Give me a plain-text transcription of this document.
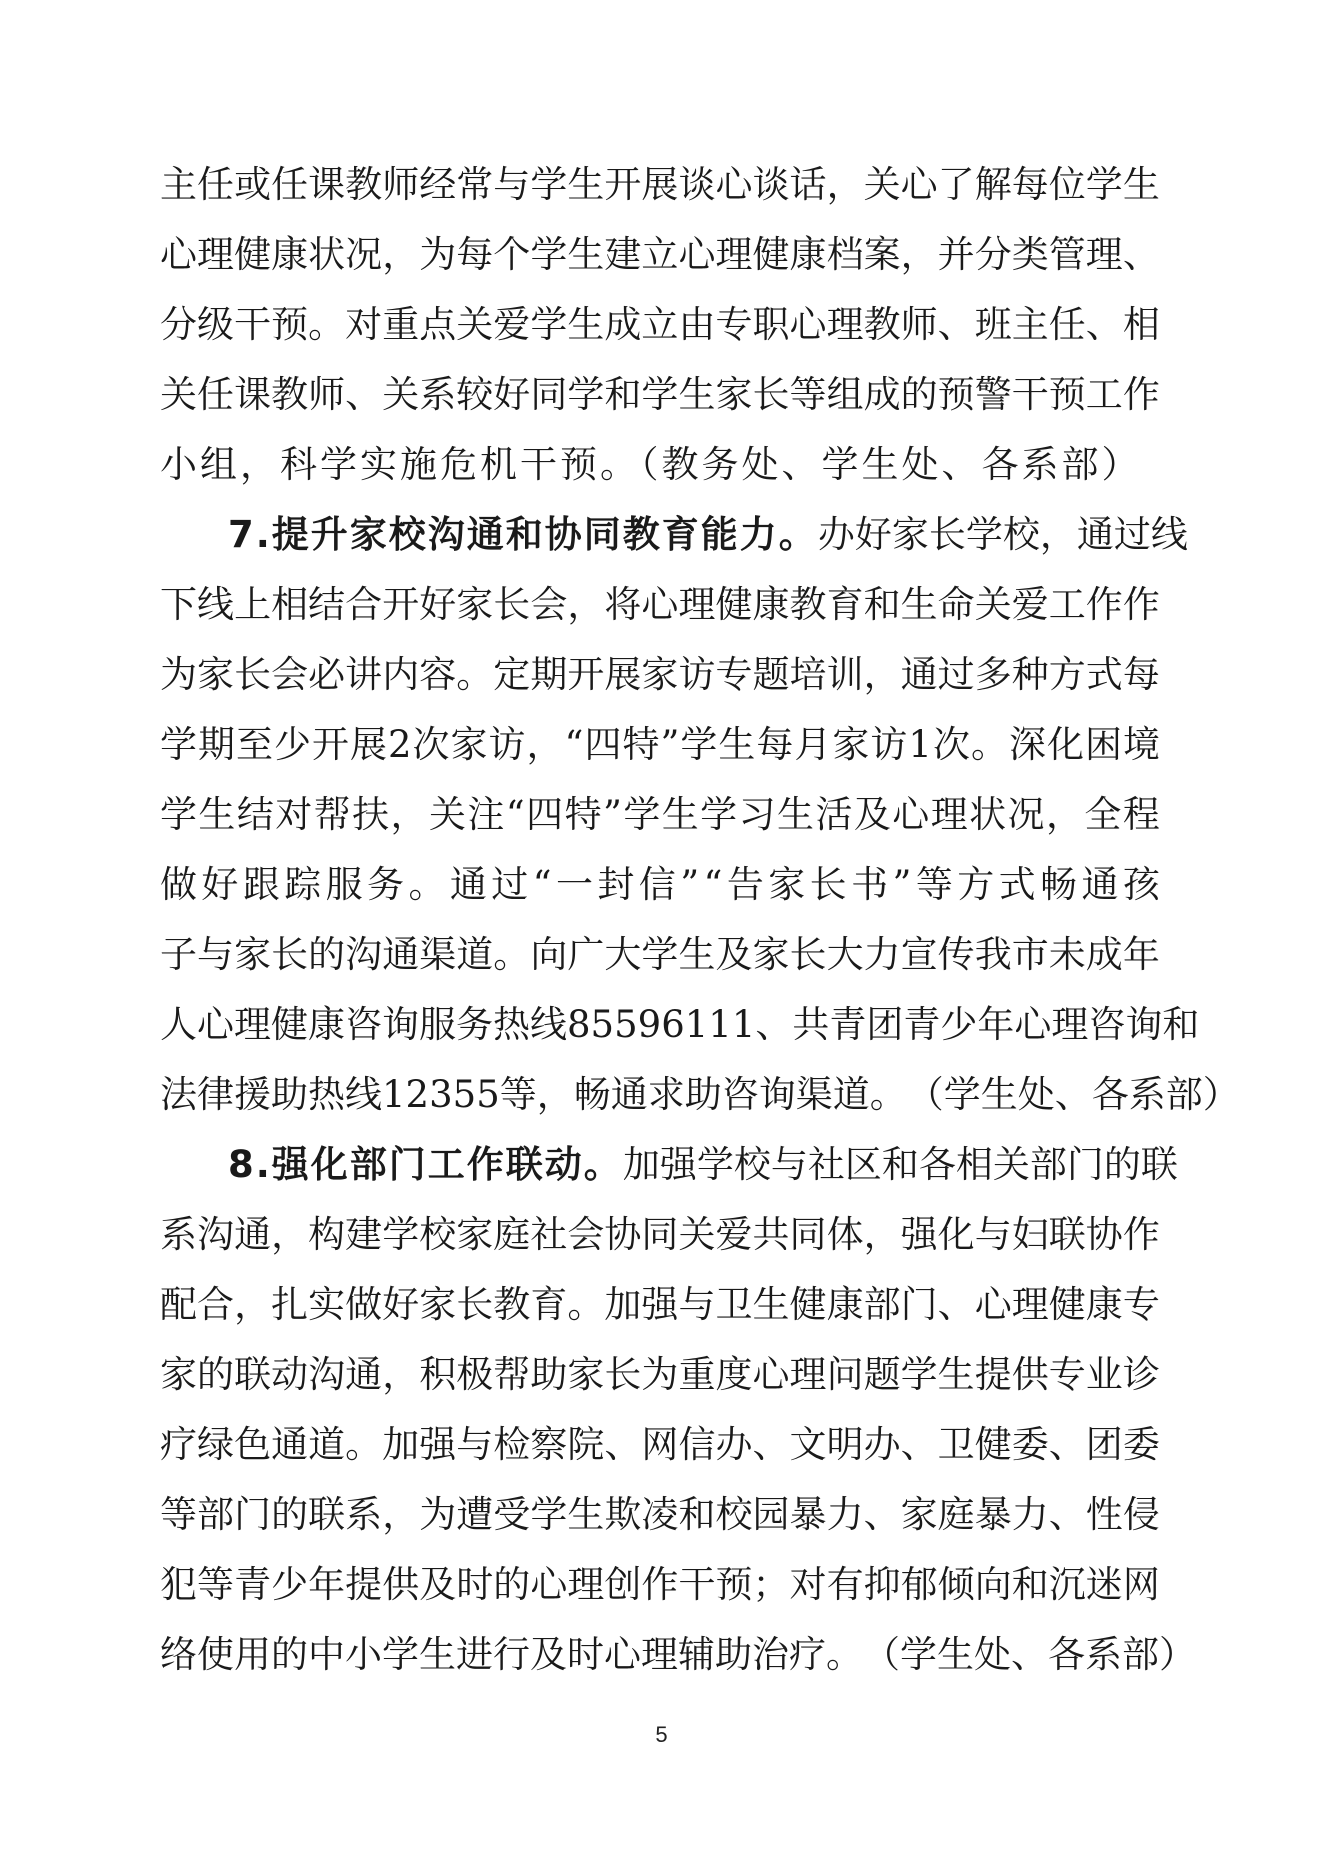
主 任 或 任 课 教 师 经 常 与 学 生 开 展 谈 心 谈 话 ， 关 心 了 解 每 位 学 生
心 理 健 康 状 况 ， 为 每 个 学 生 建 立 心 理 健 康 档 案 ， 并 分 类 管 理 、
分 级 干 预 。 对 重 点 关 爱 学 生 成 立 由 专 职 心 理 教 师 、 班 主 任 、 相
关 任 课 教 师 、 关 系 较 好 同 学 和 学 生 家 长 等 组 成 的 预 警 干 预 工 作
小组，科学实施危机干预。（教务处、学生处、各系部）
7.提升家校沟通和协同教育能力。 办 好 家 长 学 校 ， 通 过 线
下 线 上 相 结 合 开 好 家 长 会 ， 将 心 理 健 康 教 育 和 生 命 关 爱 工 作 作
为 家 长 会 必 讲 内 容 。 定 期 开 展 家 访 专 题 培 训 ， 通 过 多 种 方 式 每
学 期 至 少 开 展 2 次 家 访 ， “ 四 特 ” 学 生 每 月 家 访 1 次 。 深 化 困 境
学 生 结 对 帮 扶 ， 关 注 “ 四 特 ” 学 生 学 习 生 活 及 心 理 状 况 ， 全 程
做 好 跟 踪 服 务 。 通 过 “ 一 封 信 ” “ 告 家 长 书 ” 等 方 式 畅 通 孩
子 与 家 长 的 沟 通 渠 道 。 向 广 大 学 生 及 家 长 大 力 宣 传 我 市 未 成 年
人 心 理 健 康 咨 询 服 务 热 线 8 5 5 9 6 1 1 1 、 共 青 团 青 少 年 心 理 咨 询 和
法 律 援 助 热 线 1 2 3 5 5 等 ， 畅 通 求 助 咨 询 渠 道 。 （ 学 生 处 、 各 系 部 ）
8.强化部门工作联动。 加 强 学 校 与 社 区 和 各 相 关 部 门 的 联
系 沟 通 ， 构 建 学 校 家 庭 社 会 协 同 关 爱 共 同 体 ， 强 化 与 妇 联 协 作
配 合 ， 扎 实 做 好 家 长 教 育 。 加 强 与 卫 生 健 康 部 门 、 心 理 健 康 专
家 的 联 动 沟 通 ， 积 极 帮 助 家 长 为 重 度 心 理 问 题 学 生 提 供 专 业 诊
疗 绿 色 通 道 。 加 强 与 检 察 院 、 网 信 办 、 文 明 办 、 卫 健 委 、 团 委
等 部 门 的 联 系 ， 为 遭 受 学 生 欺 凌 和 校 园 暴 力 、 家 庭 暴 力 、 性 侵
犯 等 青 少 年 提 供 及 时 的 心 理 创 作 干 预 ； 对 有 抑 郁 倾 向 和 沉 迷 网
络 使 用 的 中 小 学 生 进 行 及 时 心 理 辅 助 治 疗 。 （ 学 生 处 、 各 系 部 ）
5
